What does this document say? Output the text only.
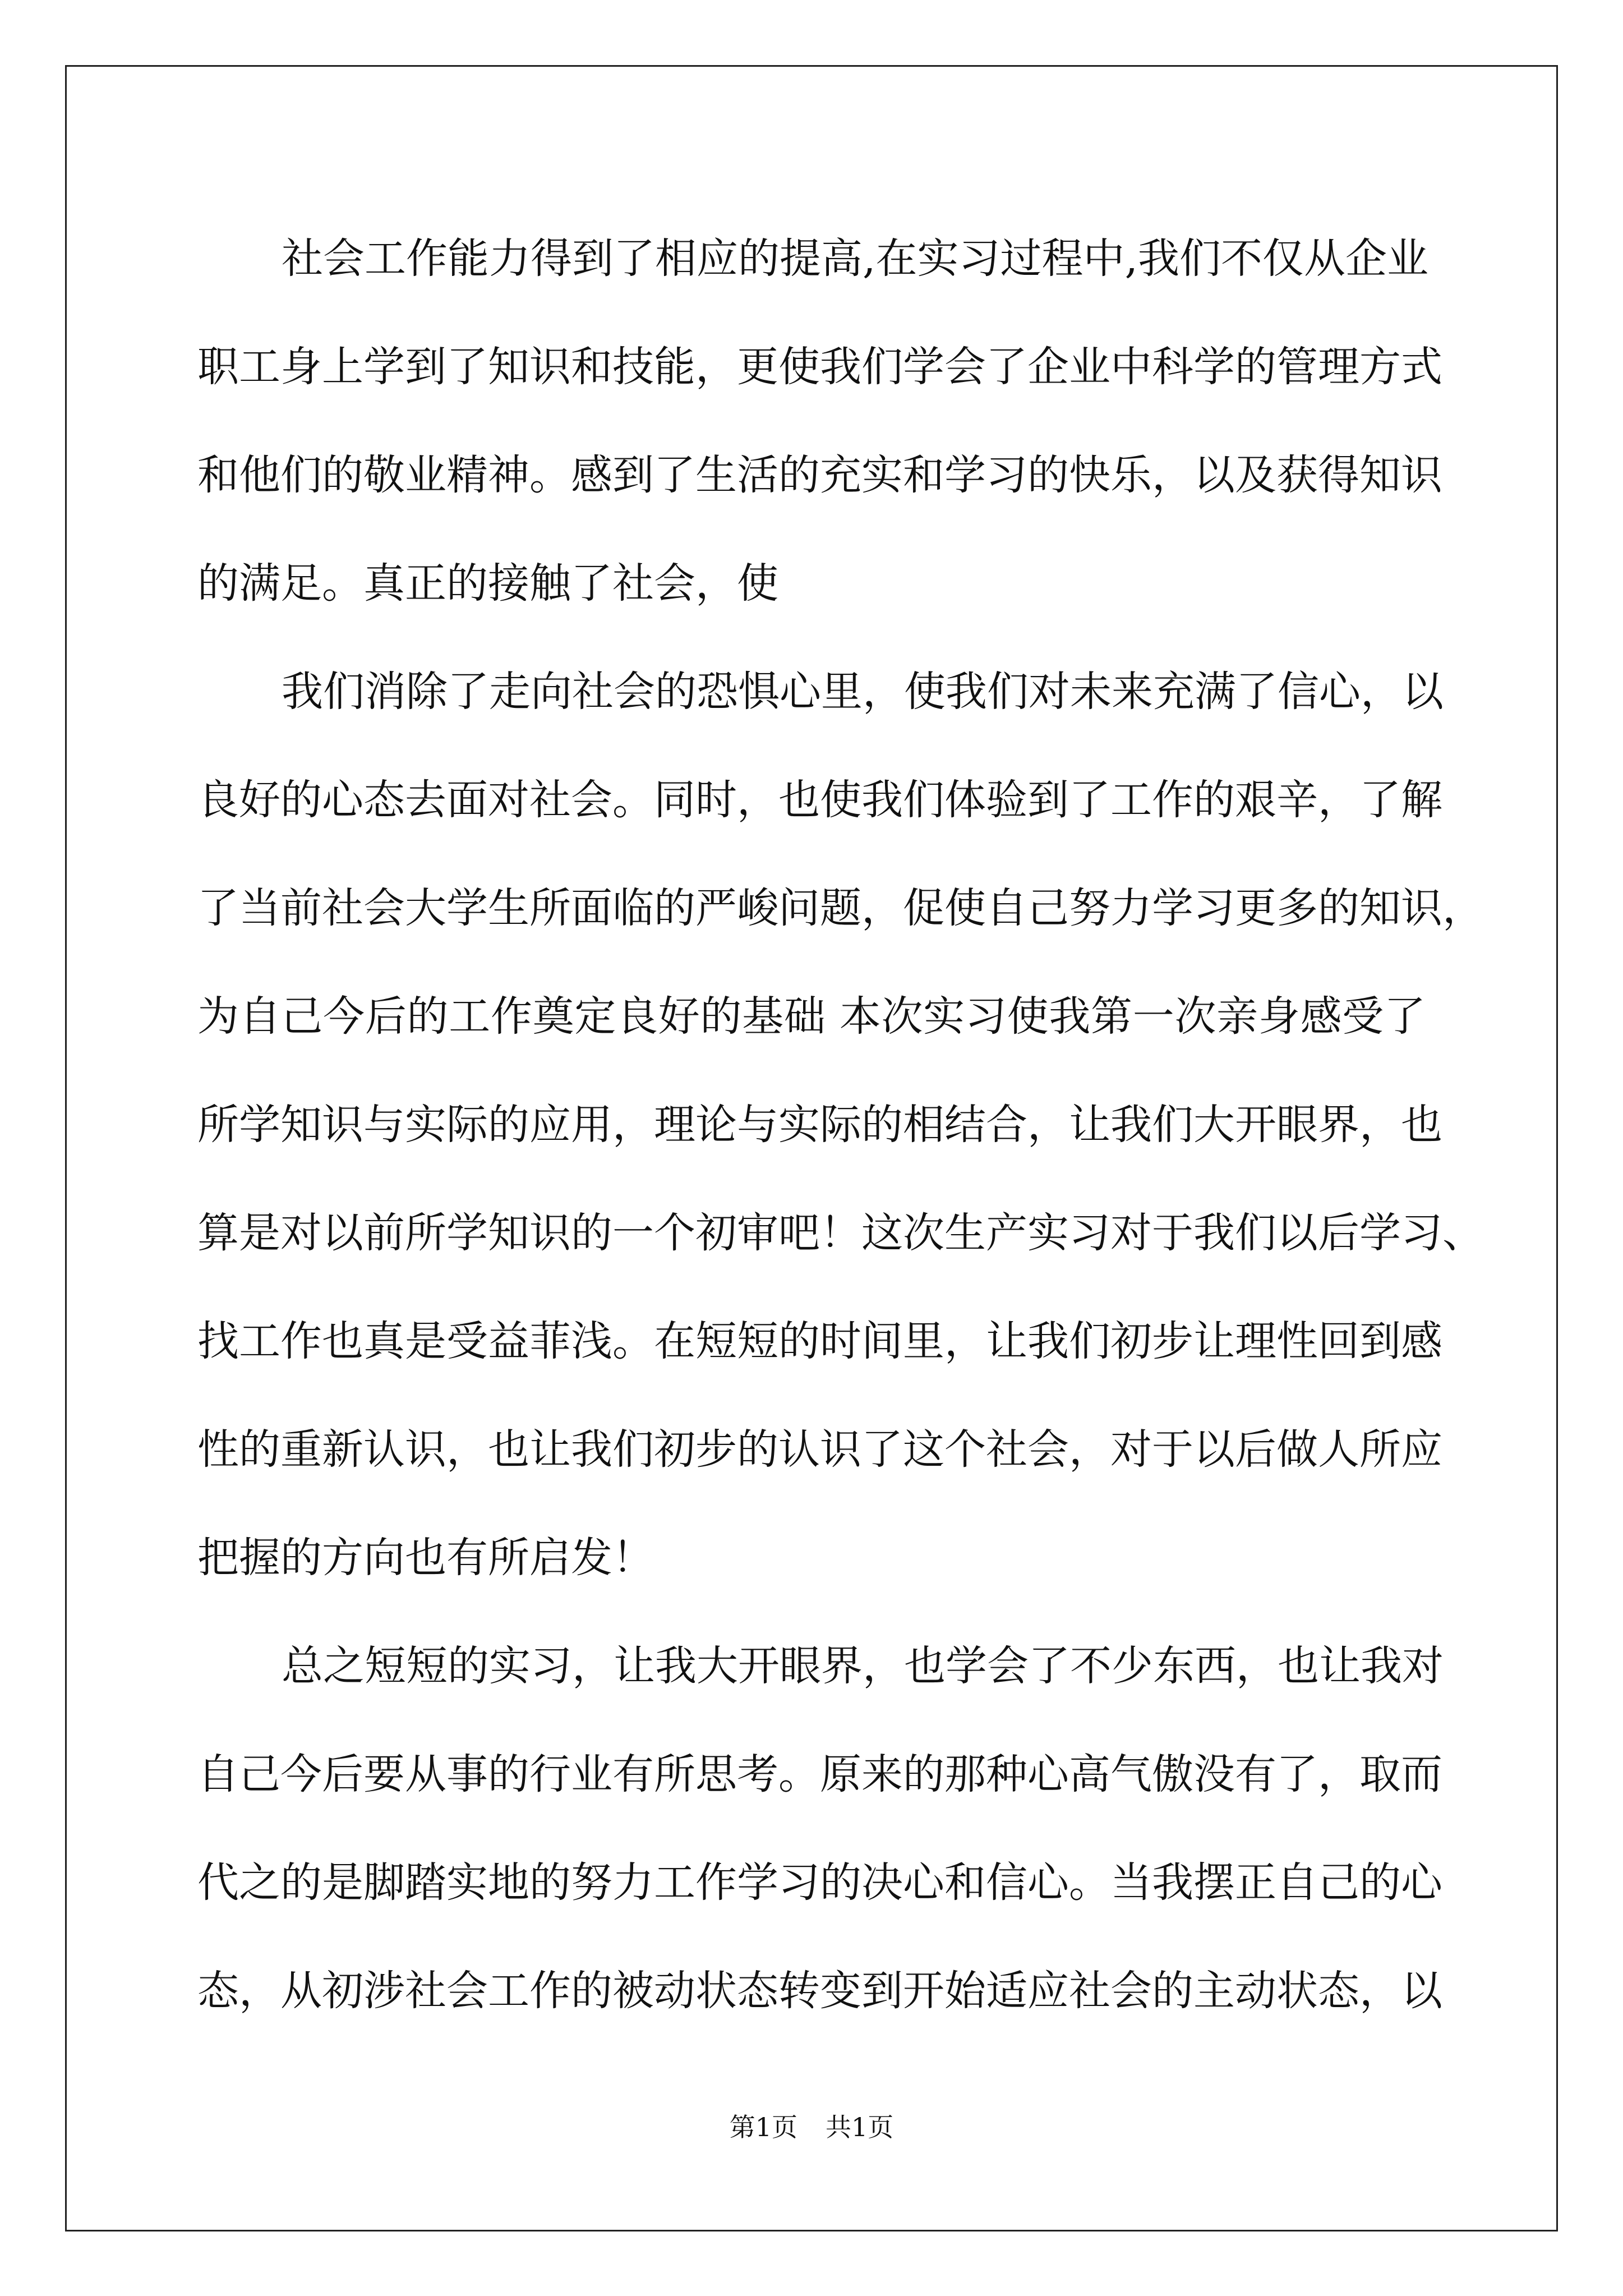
社会工作能力得到了相应的提高,在实习过程中,我们不仅从企业
职工身上学到了知识和技能，更使我们学会了企业中科学的管理方式
和他们的敬业精神。感到了生活的充实和学习的快乐，以及获得知识
的满足。真正的接触了社会，使
我们消除了走向社会的恐惧心里，使我们对未来充满了信心，以
良好的心态去面对社会。同时，也使我们体验到了工作的艰辛，了解
了当前社会大学生所面临的严峻问题，促使自己努力学习更多的知识，
为自己今后的工作奠定良好的基础 本次实习使我第一次亲身感受了
所学知识与实际的应用，理论与实际的相结合，让我们大开眼界，也
算是对以前所学知识的一个初审吧！这次生产实习对于我们以后学习、
找工作也真是受益菲浅。在短短的时间里，让我们初步让理性回到感
性的重新认识，也让我们初步的认识了这个社会，对于以后做人所应
把握的方向也有所启发！
总之短短的实习，让我大开眼界，也学会了不少东西，也让我对
自己今后要从事的行业有所思考。原来的那种心高气傲没有了，取而
代之的是脚踏实地的努力工作学习的决心和信心。当我摆正自己的心
态，从初涉社会工作的被动状态转变到开始适应社会的主动状态，以
第1页 共1页
